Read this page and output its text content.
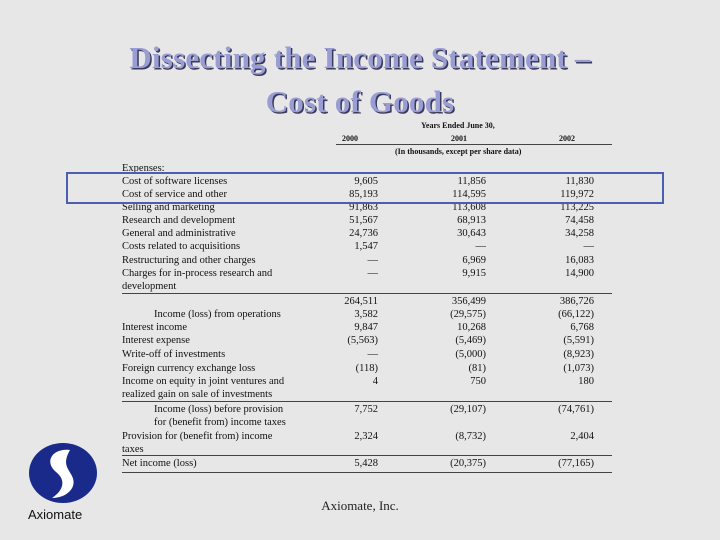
Dissecting the Income Statement –
Cost of Goods
Years Ended June 30,
2000	2001	2002
(In thousands, except per share data)
Expenses:
Cost of software licenses	9,605	11,856	11,830
Cost of service and other	85,193	114,595	119,972
Selling and marketing	91,863	113,608	113,225
Research and development	51,567	68,913	74,458
General and administrative	24,736	30,643	34,258
Costs related to acquisitions	1,547	—	—
Restructuring and other charges	—	6,969	16,083
Charges for in-process research and
development
—	9,915	14,900
264,511	356,499	386,726
Income (loss) from operations	3,582	(29,575)	(66,122)
Interest income	9,847	10,268	6,768
Interest expense	(5,563)	(5,469)	(5,591)
Write-off of investments	—	(5,000)	(8,923)
Foreign currency exchange loss	(118)	(81)	(1,073)
Income on equity in joint ventures and
realized gain on sale of investments
4	750	180
Income (loss) before provision
for (benefit from) income taxes
7,752	(29,107)	(74,761)
Provision for (benefit from) income
taxes
2,324	(8,732)	2,404
Net income (loss)	5,428	(20,375)	(77,165)
Axiomate
Axiomate, Inc.
